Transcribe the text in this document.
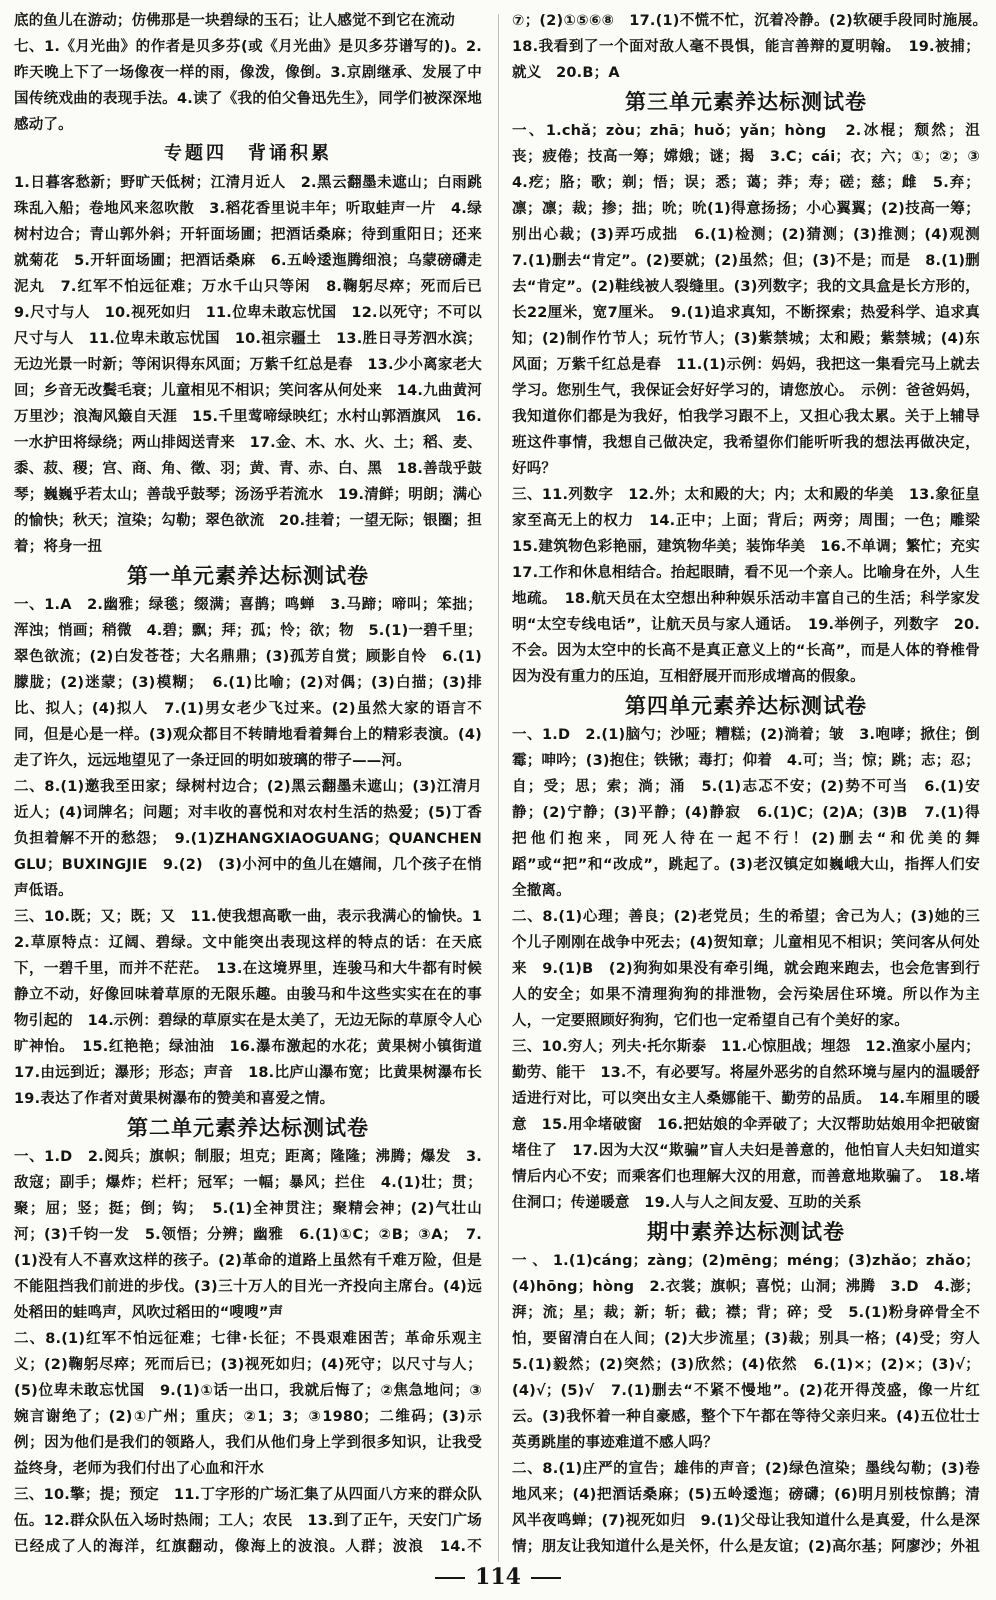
底的鱼儿在游动；仿佛那是一块碧绿的玉石；让人感觉不到它在流动

七、1.《月光曲》的作者是贝多芬(或《月光曲》是贝多芬谱写的)。2.昨天晚上下了一场像夜一样的雨，像泼，像倒。3.京剧继承、发展了中国传统戏曲的表现手法。4.读了《我的伯父鲁迅先生》，同学们被深深地感动了。

专题四　背诵积累

1.日暮客愁新；野旷天低树；江清月近人　2.黑云翻墨未遮山；白雨跳珠乱入船；卷地风来忽吹散　3.稻花香里说丰年；听取蛙声一片　4.绿树村边合；青山郭外斜；开轩面场圃；把酒话桑麻；待到重阳日；还来就菊花　5.开轩面场圃；把酒话桑麻　6.五岭逶迤腾细浪；乌蒙磅礴走泥丸　7.红军不怕远征难；万水千山只等闲　8.鞠躬尽瘁；死而后已　9.尺寸与人　10.视死如归　11.位卑未敢忘忧国　12.以死守；不可以尺寸与人　11.位卑未敢忘忧国　10.祖宗疆土　13.胜日寻芳泗水滨；无边光景一时新；等闲识得东风面；万紫千红总是春　13.少小离家老大回；乡音无改鬓毛衰；儿童相见不相识；笑问客从何处来　14.九曲黄河万里沙；浪淘风簸自天涯　15.千里莺啼绿映红；水村山郭酒旗风　16.一水护田将绿绕；两山排闼送青来　17.金、木、水、火、土；稻、麦、黍、菽、稷；宫、商、角、徵、羽；黄、青、赤、白、黑　18.善哉乎鼓琴；巍巍乎若太山；善哉乎鼓琴；汤汤乎若流水　19.清鲜；明朗；满心的愉快；秋天；渲染；勾勒；翠色欲流　20.挂着；一望无际；银圈；担着；将身一扭

第一单元素养达标测试卷

一、1.A　2.幽雅；绿毯；缀满；喜鹊；鸣蝉　3.马蹄；啼叫；笨拙；浑浊；悄画；稍微　4.碧；飘；拜；孤；怜；欲；物　5.(1)一碧千里；翠色欲流；(2)白发苍苍；大名鼎鼎；(3)孤芳自赏；顾影自怜　6.(1)朦胧；(2)迷蒙；(3)模糊；　6.(1)比喻；(2)对偶；(3)白描；(3)排比、拟人；(4)拟人　7.(1)男女老少飞过来。(2)虽然大家的语言不同，但是心是一样。(3)观众都目不转睛地看着舞台上的精彩表演。(4)走了许久，远远地望见了一条迂回的明如玻璃的带子——河。

二、8.(1)邀我至田家；绿树村边合；(2)黑云翻墨未遮山；(3)江清月近人；(4)词牌名；问题；对丰收的喜悦和对农村生活的热爱；(5)丁香负担着解不开的愁怨；　9.(1)ZHANGXIAOGUANG；QUANCHENGLU；BUXINGJIE　9.(2)　(3)小河中的鱼儿在嬉闹，几个孩子在悄声低语。

三、10.既；又；既；又　11.使我想高歌一曲，表示我满心的愉快。12.草原特点：辽阔、碧绿。文中能突出表现这样的特点的话：在天底下，一碧千里，而并不茫茫。　13.在这境界里，连骏马和大牛都有时候静立不动，好像回味着草原的无限乐趣。由骏马和牛这些实实在在的事物引起的　14.示例：碧绿的草原实在是太美了，无边无际的草原令人心旷神怡。　15.红艳艳；绿油油　16.瀑布激起的水花；黄果树小镇街道　17.由远到近；瀑形；形态；声音　18.比庐山瀑布宽；比黄果树瀑布长　19.表达了作者对黄果树瀑布的赞美和喜爱之情。

第二单元素养达标测试卷

一、1.D　2.阅兵；旗帜；制服；坦克；距离；隆隆；沸腾；爆发　3.敌寇；副手；爆炸；栏杆；冠军；一幅；暴风；拦住　4.(1)壮；贯；聚；屈；竖；挺；倒；钩；　5.(1)全神贯注；聚精会神；(2)气壮山河；(3)千钧一发　5.领悟；分辨；幽雅　6.(1)①C；②B；③A；　7.(1)没有人不喜欢这样的孩子。(2)革命的道路上虽然有千难万险，但是不能阻挡我们前进的步伐。(3)三十万人的目光一齐投向主席台。(4)远处稻田的蛙鸣声，风吹过稻田的“嗖嗖”声

二、8.(1)红军不怕远征难；七律·长征；不畏艰难困苦；革命乐观主义；(2)鞠躬尽瘁；死而后已；(3)视死如归；(4)死守；以尺寸与人；(5)位卑未敢忘忧国　9.(1)①话一出口，我就后悔了；②焦急地问；③婉言谢绝了；(2)①广州；重庆；②1；3；③1980；二维码；(3)示例；因为他们是我们的领路人，我们从他们身上学到很多知识，让我受益终身，老师为我们付出了心血和汗水

三、10.擎；提；预定　11.丁字形的广场汇集了从四面八方来的群众队伍。12.群众队伍入场时热闹；工人；农民　13.到了正午，天安门广场已经成了人的海洋，红旗翻动，像海上的波浪。人群；波浪　14.不　　

⑦；(2)①⑤⑥⑧　17.(1)不慌不忙，沉着冷静。(2)软硬手段同时施展。　18.我看到了一个面对敌人毫不畏惧，能言善辩的夏明翰。　19.被捕；就义　20.B；A

第三单元素养达标测试卷

一、1.chǎ；zòu；zhā；huǒ；yǎn；hòng　2.冰棍；颓然；沮丧；疲倦；技高一筹；嫦娥；谜；揭　3.C；cái；衣；六；①；②；③　4.疙；胳；歌；剃；悟；误；悉；蔼；莽；寿；磋；慈；雌　5.弃；凛；凛；裁；掺；拙；吮；吮(1)得意扬扬；小心翼翼；(2)技高一筹；别出心裁；(3)弄巧成拙　6.(1)检测；(2)猜测；(3)推测；(4)观测　7.(1)删去“肯定”。(2)要就；(2)虽然；但；(3)不是；而是　8.(1)删去“肯定”。(2)鞋线被人裂缝里。(3)列数字；我的文具盒是长方形的，长22厘米，宽7厘米。　9.(1)追求真知，不断探索；热爱科学、追求真知；(2)制作竹节人；玩竹节人；(3)紫禁城；太和殿；紫禁城；(4)东风面；万紫千红总是春　11.(1)示例：妈妈，我把这一集看完马上就去学习。您别生气，我保证会好好学习的，请您放心。　示例：爸爸妈妈，我知道你们都是为我好，怕我学习跟不上，又担心我太累。关于上辅导班这件事情，我想自己做决定，我希望你们能听听我的想法再做决定，好吗？

三、11.列数字　12.外；太和殿的大；内；太和殿的华美　13.象征皇家至高无上的权力　14.正中；上面；背后；两旁；周围；一色；雕梁　15.建筑物色彩艳丽，建筑物华美；装饰华美　16.不单调；繁忙；充实　17.工作和休息相结合。抬起眼睛，看不见一个亲人。比喻身在外，人生地疏。　18.航天员在太空想出种种娱乐活动丰富自己的生活；科学家发明“太空专线电话”，让航天员与家人通话。　19.举例子，列数字　20.不会。因为太空中的长高不是真正意义上的“长高”，而是人体的脊椎骨因为没有重力的压迫，互相舒展开而形成增高的假象。

第四单元素养达标测试卷

一、1.D　2.(1)脑勺；沙哑；糟糕；(2)淌着；皱　3.咆哮；掀住；倒霉；呻吟；(3)抱住；铁锹；毒打；仰着　4.可；当；惊；跳；志；忍；自；受；思；索；淌；涌　5.(1)志忑不安；(2)势不可当　6.(1)安静；(2)宁静；(3)平静；(4)静寂　6.(1)C；(2)A；(3)B　7.(1)得把他们抱来，同死人待在一起不行！(2)删去“和优美的舞蹈”或“把”和“改成”，跳起了。(3)老汉镇定如巍峨大山，指挥人们安全撤离。

二、8.(1)心理；善良；(2)老党员；生的希望；舍己为人；(3)她的三个儿子刚刚在战争中死去；(4)贺知章；儿童相见不相识；笑问客从何处来　9.(1)B　(2)狗狗如果没有牵引绳，就会跑来跑去，也会危害到行人的安全；如果不清理狗狗的排泄物，会污染居住环境。所以作为主人，一定要照顾好狗狗，它们也一定希望自己有个美好的家。

三、10.穷人；列夫·托尔斯泰　11.心惊胆战；埋怨　12.渔家小屋内；勤劳、能干　13.不，有必要写。将屋外恶劣的自然环境与屋内的温暖舒适进行对比，可以突出女主人桑娜能干、勤劳的品质。　14.车厢里的暖意　15.用伞堵破窗　16.把姑娘的伞弄破了；大汉帮助姑娘用伞把破窗堵住了　17.因为大汉“欺骗”盲人夫妇是善意的，他怕盲人夫妇知道实情后内心不安；而乘客们也理解大汉的用意，而善意地欺骗了。　18.堵住洞口；传递暖意　19.人与人之间友爱、互助的关系

期中素养达标测试卷

一、1.(1)cáng；zàng；(2)mēng；méng；(3)zhǎo；zhǎo；(4)hōng；hòng　2.衣裳；旗帜；喜悦；山洞；沸腾　3.D　4.澎；湃；流；星；裁；新；斩；截；襟；背；碎；受　5.(1)粉身碎骨全不怕，要留清白在人间；(2)大步流星；(3)裁；别具一格；(4)受；穷人　5.(1)毅然；(2)突然；(3)欣然；(4)依然　6.(1)×；(2)×；(3)√；(4)√；(5)√　7.(1)删去“不紧不慢地”。(2)花开得茂盛，像一片红云。(3)我怀着一种自豪感，整个下午都在等待父亲归来。(4)五位壮士英勇跳崖的事迹难道不感人吗？

二、8.(1)庄严的宣告；雄伟的声音；(2)绿色渲染；墨线勾勒；(3)卷地风来；(4)把酒话桑麻；(5)五岭逶迤；磅礴；(6)明月别枝惊鹊；清风半夜鸣蝉；(7)视死如归　9.(1)父母让我知道什么是真爱，什么是深情；朋友让我知道什么是关怀，什么是友谊；(2)高尔基；阿廖沙；外祖

114
